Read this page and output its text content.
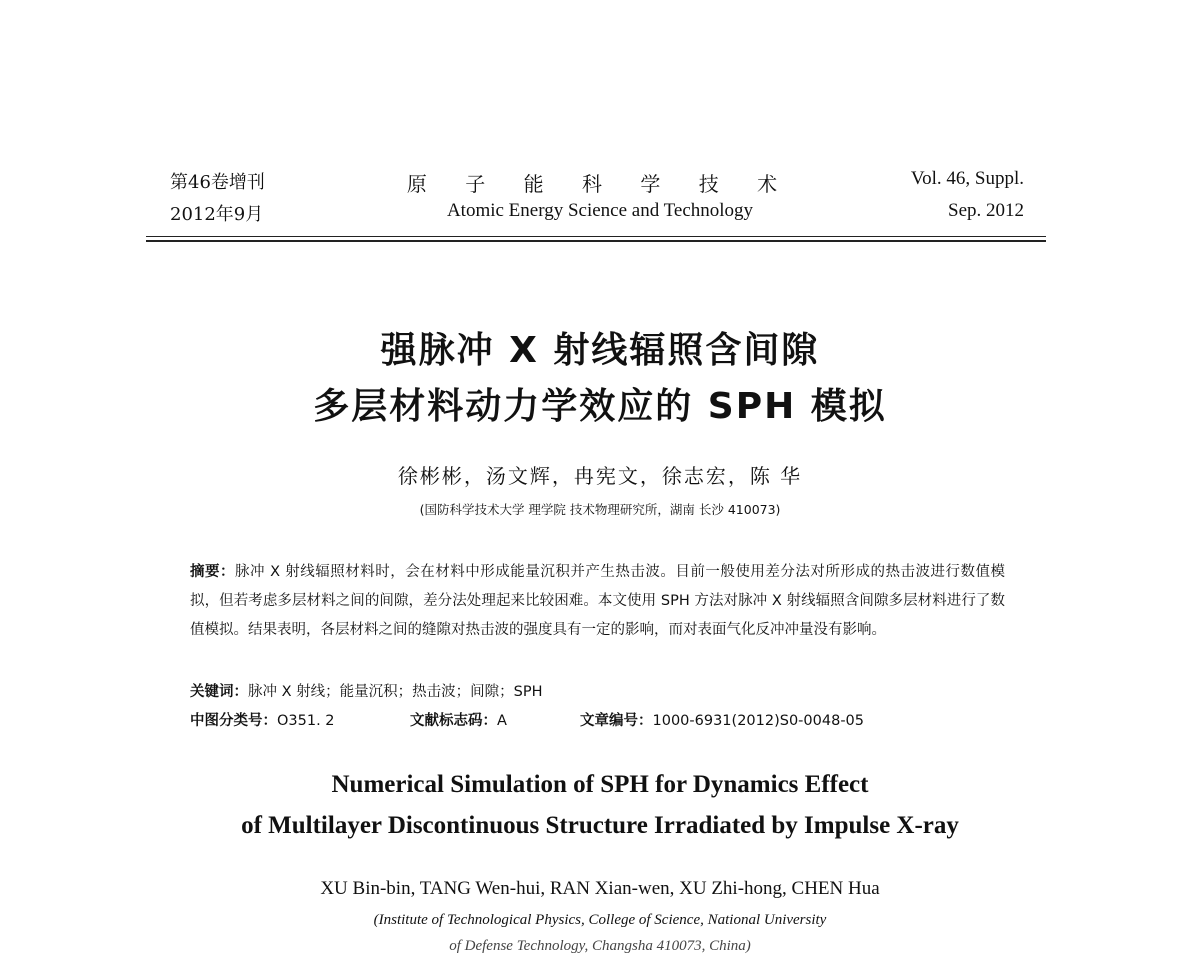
第46卷增刊
2012年9月
原 子 能 科 学 技 术
Atomic Energy Science and Technology
Vol. 46, Suppl.
Sep. 2012
强脉冲 X 射线辐照含间隙
多层材料动力学效应的 SPH 模拟
徐彬彬，汤文辉，冉宪文，徐志宏，陈 华
(国防科学技术大学 理学院 技术物理研究所，湖南 长沙 410073)

摘要：脉冲 X 射线辐照材料时，会在材料中形成能量沉积并产生热击波。目前一般使用差分法对所形成的热击波进行数值模拟，但若考虑多层材料之间的间隙，差分法处理起来比较困难。本文使用 SPH 方法对脉冲 X 射线辐照含间隙多层材料进行了数值模拟。结果表明，各层材料之间的缝隙对热击波的强度具有一定的影响，而对表面气化反冲冲量没有影响。

关键词：脉冲 X 射线；能量沉积；热击波；间隙；SPH
中图分类号：O351. 2	文献标志码：A	文章编号：1000-6931(2012)S0-0048-05
Numerical Simulation of SPH for Dynamics Effect
of Multilayer Discontinuous Structure Irradiated by Impulse X-ray
XU Bin-bin, TANG Wen-hui, RAN Xian-wen, XU Zhi-hong, CHEN Hua
(Institute of Technological Physics, College of Science, National University
of Defense Technology, Changsha 410073, China)
